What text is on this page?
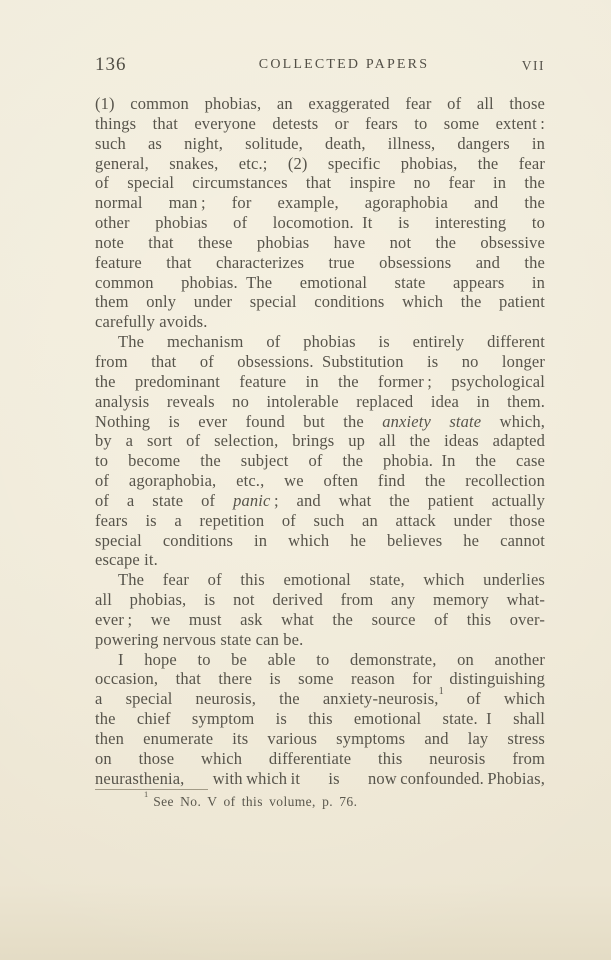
136	COLLECTED PAPERS	VII
(1) common phobias, an exaggerated fear of all those
things that everyone detests or fears to some extent :
such as night, solitude, death, illness, dangers in
general, snakes, etc.; (2) specific phobias, the fear
of special circumstances that inspire no fear in the
normal man ; for example, agoraphobia and the
other phobias of locomotion. It is interesting to
note that these phobias have not the obsessive
feature that characterizes true obsessions and the
common phobias. The emotional state appears in
them only under special conditions which the patient
carefully avoids.
The mechanism of phobias is entirely different
from that of obsessions. Substitution is no longer
the predominant feature in the former ; psychological
analysis reveals no intolerable replaced idea in them.
Nothing is ever found but the anxiety state which,
by a sort of selection, brings up all the ideas adapted
to become the subject of the phobia. In the case
of agoraphobia, etc., we often find the recollection
of a state of panic ; and what the patient actually
fears is a repetition of such an attack under those
special conditions in which he believes he cannot
escape it.
The fear of this emotional state, which underlies
all phobias, is not derived from any memory what-
ever ; we must ask what the source of this over-
powering nervous state can be.
I hope to be able to demonstrate, on another
occasion, that there is some reason for distinguishing
a special neurosis, the anxiety-neurosis,$^1$ of which
the chief symptom is this emotional state. I shall
then enumerate its various symptoms and lay stress
on those which differentiate this neurosis from
neurasthenia, with which it is now confounded. Phobias,
$^1$ See No. V of this volume, p. 76.
